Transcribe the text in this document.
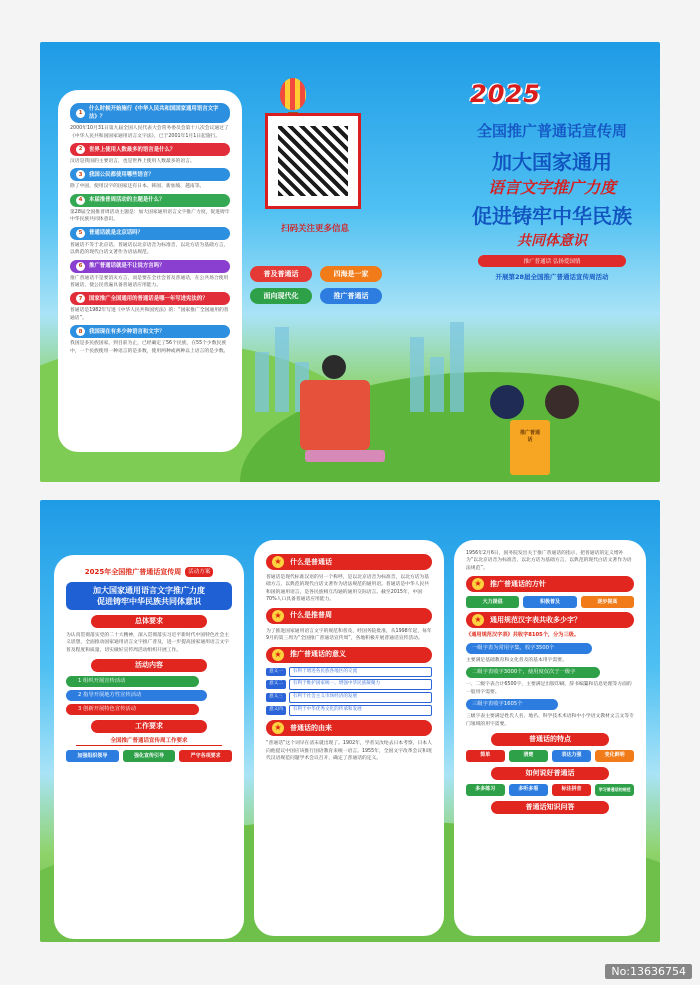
1
什么时候开始施行《中华人民共和国国家通用语言文字法》？
2000年10月31日第九届全国人民代表大会常务委员会第十八次会议通过了《中华人民共和国国家通用语言文字法》，已于2001年1月1日起施行。
2	世界上使用人数最多的语言是什么？
汉语是我国的主要语言，也是世界上使用人数最多的语言。
3	我国公民都使用哪些语言？
除了中国，使用汉字的国家还有日本、韩国、新加坡、越南等。
4	本届推普周活动的主题是什么？
第28届全国推普周活动主题是：加大国家通用语言文字推广力度，促进铸牢中华民族共同体意识。
5	普通话就是北京话吗？
普通话不等于北京话。普通话以北京语音为标准音，以北方话为基础方言，以典范的现代白话文著作为语法规范。
6	推广普通话就是不让说方言吗？
推广普通话不是要消灭方言，而是要在全社会普及普通话，在公共场合使用普通话，使公民普遍具备普通话应用能力。
7	国家推广全国通用的普通话是哪一年写进宪法的？
普通话是1982年写进《中华人民共和国宪法》的：“国家推广全国通用的普通话”。
8	我国现在有多少种语言和文字？
我国是多民族国家，到目前为止，已经确定了56个民族，在55个少数民族中，一个民族使用一种语言的是多数，使用两种或两种以上语言的是少数。
扫码关注更多信息
普及普通话	四海是一家
面向现代化	推广普通话
2025
全国推广普通话宣传周
加大国家通用
语言文字推广力度
促进铸牢中华民族
共同体意识
推广普通话 弘扬爱国情
开展第28届全国推广普通话宣传周活动
推广普通话
2025年全国推广普通话宣传周	活动方案
加大国家通用语言文字推广力度
促进铸牢中华民族共同体意识
总体要求
为认真贯彻落实党的二十大精神，深入贯彻落实习近平新时代中国特色社会主义思想，全面推动国家通用语言文字推广普及，进一步提高国家通用语言文字普及程度和质量，切实做好宣传周活动组织开展工作。
活动内容
1 组织开展宣传活动
2 指导开展地方性宣传活动
3 创新开展特色宣传活动
工作要求
全国推广普通话宣传周工作要求
加强组织领导	强化宣传引导	严守各项要求
★	什么是普通话
普通话是现代标准汉语的另一个称呼，是以北京语音为标准音，以北方话为基础方言，以典范的现代白话文著作为语法规范的通用语。普通话是中华人民共和国的通用语言，是各民族相互沟通的通用交际语言。截至2015年，中国70%人口具备普通话应用能力。
★	什么是推普周
为了推进国家通用语言文字的规范和普及，经国务院批准，从1998年起，每年9月的第三周为“全国推广普通话宣传周”，各地积极开展普通话宣传活动。
★	推广普通话的意义
意义一	有利于增进各民族各地区的交流
意义二	有利于维护国家统一、增强中华民族凝聚力
意义三	有利于社会主义市场经济的发展
意义四	有利于中华优秀文化的传承和发展
★	普通话的由来
“普通话”这个词早在清末就出现了。1902年，学者吴汝纶去日本考察，日本人向他提议中国应该推行国语教育来统一语言。1955年，全国文字改革会议和现代汉语规范问题学术会议召开，确定了普通话的定义。
1956年2月6日，国务院发出关于推广普通话的指示，把普通话的定义增补为“以北京语音为标准音，以北方话为基础方言，以典范的现代白话文著作为语法规范”。
★	推广普通话的方针
大力提倡	积极普及	逐步提高
★	通用规范汉字表共收多少字？
《通用规范汉字表》共收字8105个，分为三级。
一级字表为常用字集，收字3500个
主要满足基础教育和文化普及的基本用字需要。
二级字表收字3000个，使用度仅次于一级字
一、二级字表合计6500字，主要满足出版印刷、辞书编纂和信息处理等方面的一般用字需要。
三级字表收字1605个
三级字表主要满足姓氏人名、地名、科学技术术语和中小学语文教材文言文等专门领域的用字需要。
普通话的特点
简单	清楚	表达力强	变化鲜明
如何说好普通话
多多练习	多听多看	标注拼音	学习普通话的规范
普通话知识问答
No:13636754
